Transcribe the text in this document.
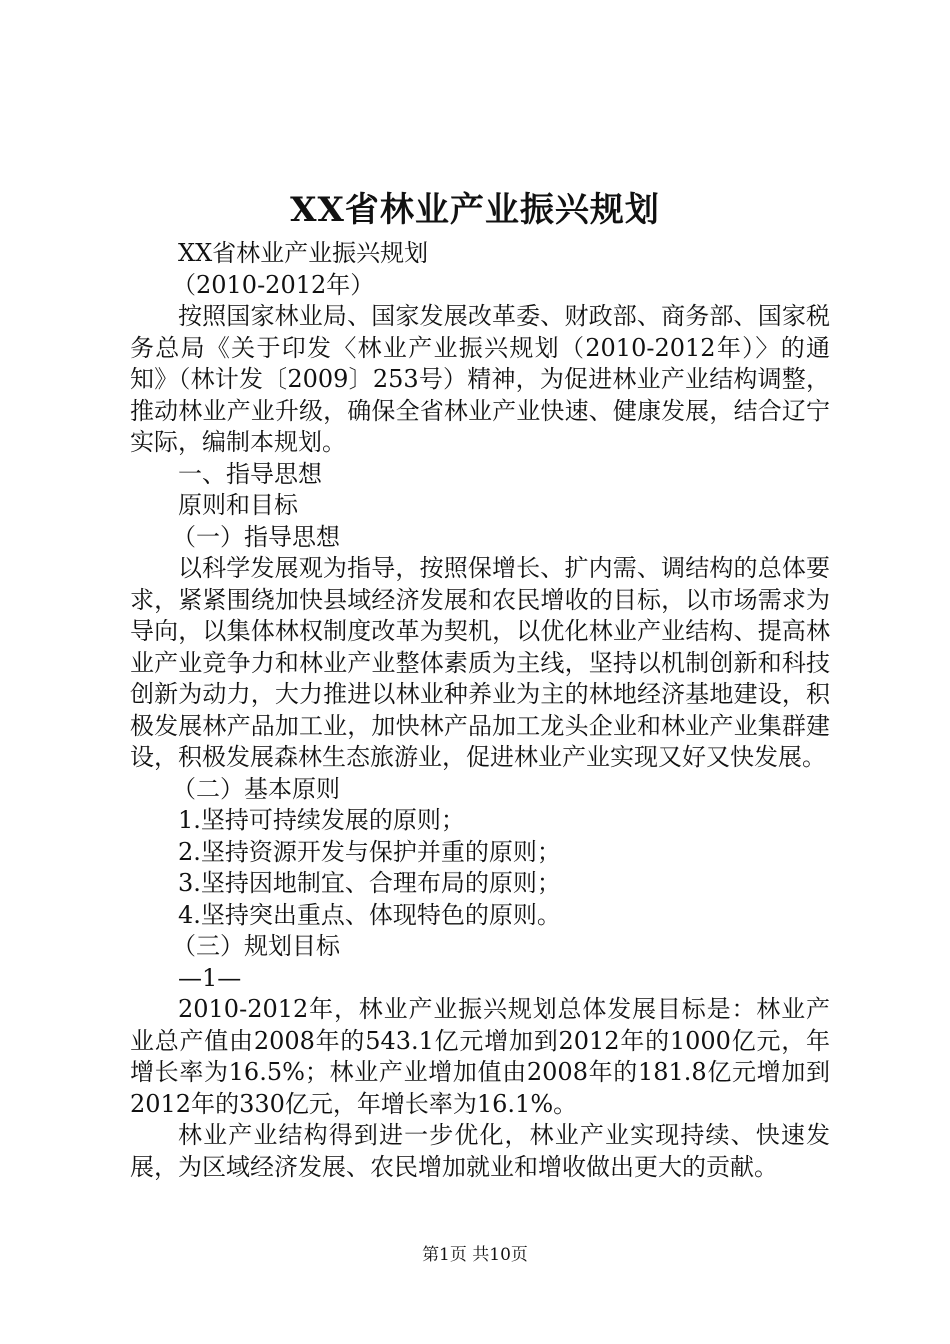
XX省林业产业振兴规划

XX省林业产业振兴规划

（2010-2012年）

按照国家林业局、国家发展改革委、财政部、商务部、国家税务总局《关于印发〈林业产业振兴规划（2010-2012年）〉的通知》（林计发〔2009〕253号）精神，为促进林业产业结构调整，推动林业产业升级，确保全省林业产业快速、健康发展，结合辽宁实际，编制本规划。

一、指导思想

原则和目标

（一）指导思想

以科学发展观为指导，按照保增长、扩内需、调结构的总体要求，紧紧围绕加快县域经济发展和农民增收的目标，以市场需求为导向，以集体林权制度改革为契机，以优化林业产业结构、提高林业产业竞争力和林业产业整体素质为主线，坚持以机制创新和科技创新为动力，大力推进以林业种养业为主的林地经济基地建设，积极发展林产品加工业，加快林产品加工龙头企业和林业产业集群建设，积极发展森林生态旅游业，促进林业产业实现又好又快发展。

（二）基本原则

1.坚持可持续发展的原则；

2.坚持资源开发与保护并重的原则；

3.坚持因地制宜、合理布局的原则；

4.坚持突出重点、体现特色的原则。

（三）规划目标

—1—

2010-2012年，林业产业振兴规划总体发展目标是：林业产业总产值由2008年的543.1亿元增加到2012年的1000亿元，年增长率为16.5%；林业产业增加值由2008年的181.8亿元增加到2012年的330亿元，年增长率为16.1%。

林业产业结构得到进一步优化，林业产业实现持续、快速发展，为区域经济发展、农民增加就业和增收做出更大的贡献。

第1页 共10页
